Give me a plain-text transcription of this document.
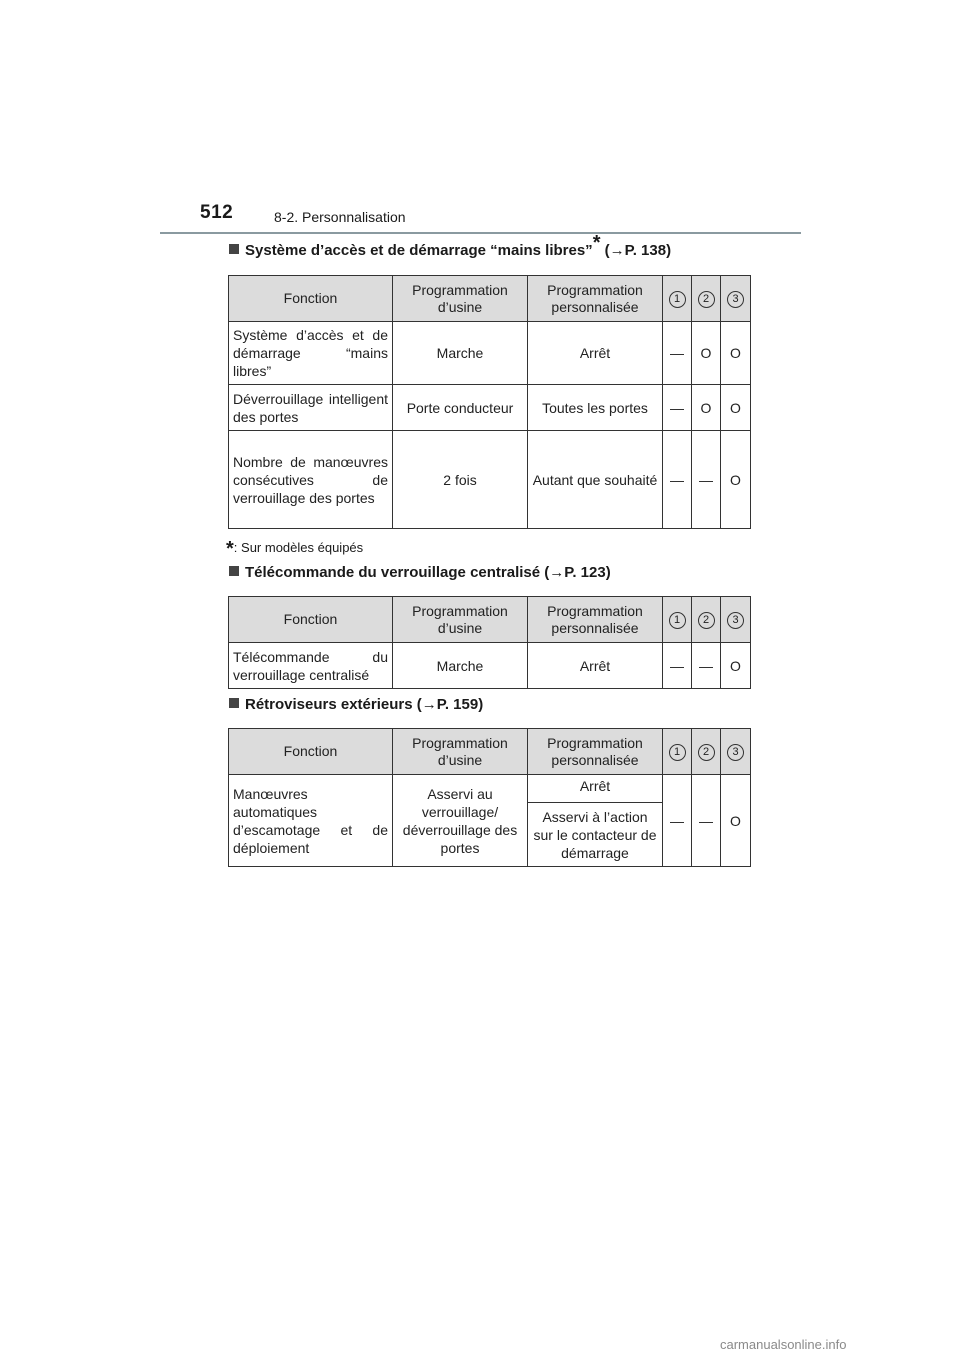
512	8-2. Personnalisation
Système d’accès et de démarrage “mains libres”* (→P. 138)
Fonction	Programmation d’usine	Programmation personnalisée	1	2	3
Système d’accès et de démarrage “mains libres”	Marche	Arrêt	—	O	O
Déverrouillage intelligent des portes	Porte conducteur	Toutes les portes	—	O	O
Nombre de manœuvres consécutives de verrouillage des portes	2 fois	Autant que souhaité	—	—	O
*: Sur modèles équipés
Télécommande du verrouillage centralisé (→P. 123)
Fonction	Programmation d’usine	Programmation personnalisée	1	2	3
Télécommande du verrouillage centralisé	Marche	Arrêt	—	—	O
Rétroviseurs extérieurs (→P. 159)
Fonction	Programmation d’usine	Programmation personnalisée	1	2	3
Manœuvres automatiques d’escamotage et de déploiement	Asservi au verrouillage/ déverrouillage des portes	Arrêt	—	—	O
		Asservi à l’action sur le contacteur de démarrage			
carmanualsonline.info
